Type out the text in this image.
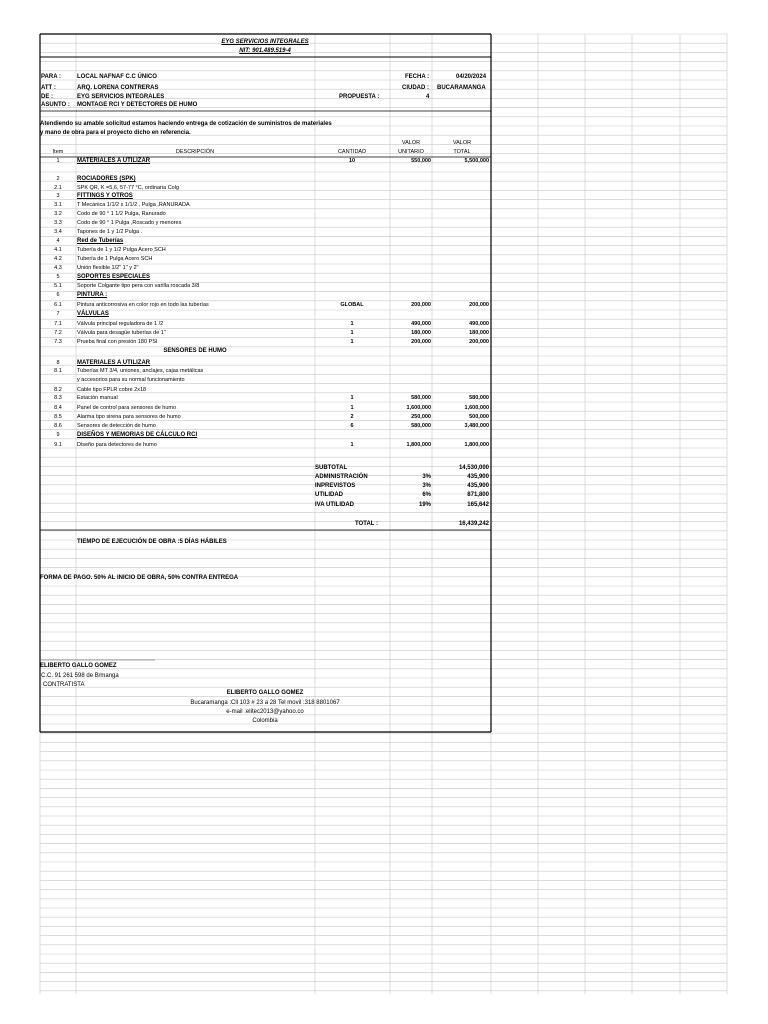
EYG SERVICIOS INTEGRALES
NIT: 901.489.519-4
PARA :	LOCAL NAFNAF C.C ÚNICO	FECHA :	04/20/2024
ATT :	ARQ. LORENA CONTRERAS	CIUDAD : BUCARAMANGA
DE :	EYG SERVICIOS INTEGRALES	PROPUESTA :	4
ASUNTO : MONTAGE RCI Y DETECTORES DE HUMO
Atendiendo su amable solicitud estamos haciendo entrega de cotización de suministros de materiales
y mano de obra para el proyecto dicho en referencia.
VALOR	VALOR
Item	DESCRIPCIÓN	CANTIDAD	UNITARIO	TOTAL
1	MATERIALES A UTILIZAR	10	550,000	5,500,000
2	ROCIADORES (SPK)
2.1	SPK QR, K =5,6, 57-77 °C, ordinaria Colg
3	FITTINGS Y OTROS
3.1	T Mecánica 1/1/2 x 1/1/2 , Pulga ,RANURADA
3.2	Codo de 90 ° 1 1/2 Pulga, Ranurado
3.3	Codo de 90 ° 1 Pulga ,Roscado y menores
3.4	Tapones de 1 y 1/2 Pulga .
4	Red de Tuberías
4.1	Tubería de 1 y 1/2 Pulga Acero SCH
4.2	Tubería de 1 Pulga Acero SCH
4.3	Unión flexible 1/2" 1" y 2"
5	SOPORTES ESPECIALES
5.1	Soporte Colgante tipo pera con varilla roscada 3/8
6	PINTURA :
6.1	Pintura anticorrosiva en color rojo en todo las tuberías	GLOBAL	200,000	200,000
7	VÁLVULAS
7.1	Válvula principal reguladora de 1 /2	1	490,000	490,000
7.2	Válvula para desagüe tuberías de 1"	1	180,000	180,000
7.3	Prueba final con presión 180 PSI	1	200,000	200,000
8	MATERIALES A UTILIZAR
8.1	Tuberías MT 3/4, uniones, anclajes, cajas metálicas
y accesorios para su normal funcionamiento
8.2	Cable tipo FPLR cobre 2x18
8.3	Estación manual	1	580,000	580,000
8.4	Panel de control para sensores de humo	1	1,600,000	1,600,000
8.5	Alarma tipo sirena para sensores de humo	2	250,000	500,000
8.6	Sensores de detección de humo	6	580,000	3,480,000
9	DISEÑOS Y MEMORIAS DE CÁLCULO RCI
9.1	Diseño para detectores de humo	1	1,800,000	1,800,000
SENSORES DE HUMO
SUBTOTAL	14,530,000
ADMINISTRACIÓN	3%	435,900
INPREVISTOS	3%	435,900
UTILIDAD	6%	871,800
IVA UTILIDAD	19%	165,642
TOTAL :	16,439,242
TIEMPO DE EJECUCIÓN DE OBRA :5 DÍAS HÁBILES
FORMA DE PAGO. 50% AL INICIO DE OBRA, 50% CONTRA ENTREGA
ELIBERTO GALLO GOMEZ
C.C. 91 261 598 de B/manga
CONTRATISTA
ELIBERTO GALLO GOMEZ
Bucaramanga :Cll 103 # 23 a 28 Tel movil :318 8801067
e-mail :elitec2013@yahoo.co
Colombia
